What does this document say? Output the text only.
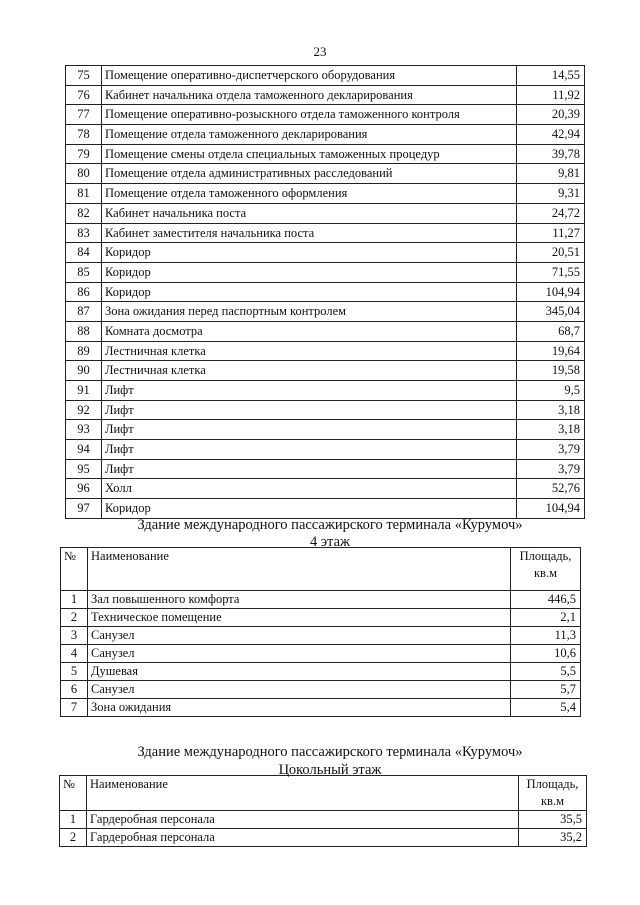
23
75	Помещение оперативно-диспетчерского оборудования	14,55
76	Кабинет начальника отдела таможенного декларирования	11,92
77	Помещение оперативно-розыскного отдела таможенного контроля	20,39
78	Помещение отдела таможенного декларирования	42,94
79	Помещение смены отдела специальных таможенных процедур	39,78
80	Помещение отдела административных расследований	9,81
81	Помещение отдела таможенного оформления	9,31
82	Кабинет начальника поста	24,72
83	Кабинет заместителя начальника поста	11,27
84	Коридор	20,51
85	Коридор	71,55
86	Коридор	104,94
87	Зона ожидания перед паспортным контролем	345,04
88	Комната досмотра	68,7
89	Лестничная клетка	19,64
90	Лестничная клетка	19,58
91	Лифт	9,5
92	Лифт	3,18
93	Лифт	3,18
94	Лифт	3,79
95	Лифт	3,79
96	Холл	52,76
97	Коридор	104,94
Здание международного пассажирского терминала «Курумоч»
4 этаж
№	Наименование	Площадь,
кв.м

1	Зал повышенного комфорта	446,5
2	Техническое помещение	2,1
3	Санузел	11,3
4	Санузел	10,6
5	Душевая	5,5
6	Санузел	5,7
7	Зона ожидания	5,4
Здание международного пассажирского терминала «Курумоч»
Цокольный этаж
№	Наименование	Площадь,
кв.м

1	Гардеробная персонала	35,5
2	Гардеробная персонала	35,2
